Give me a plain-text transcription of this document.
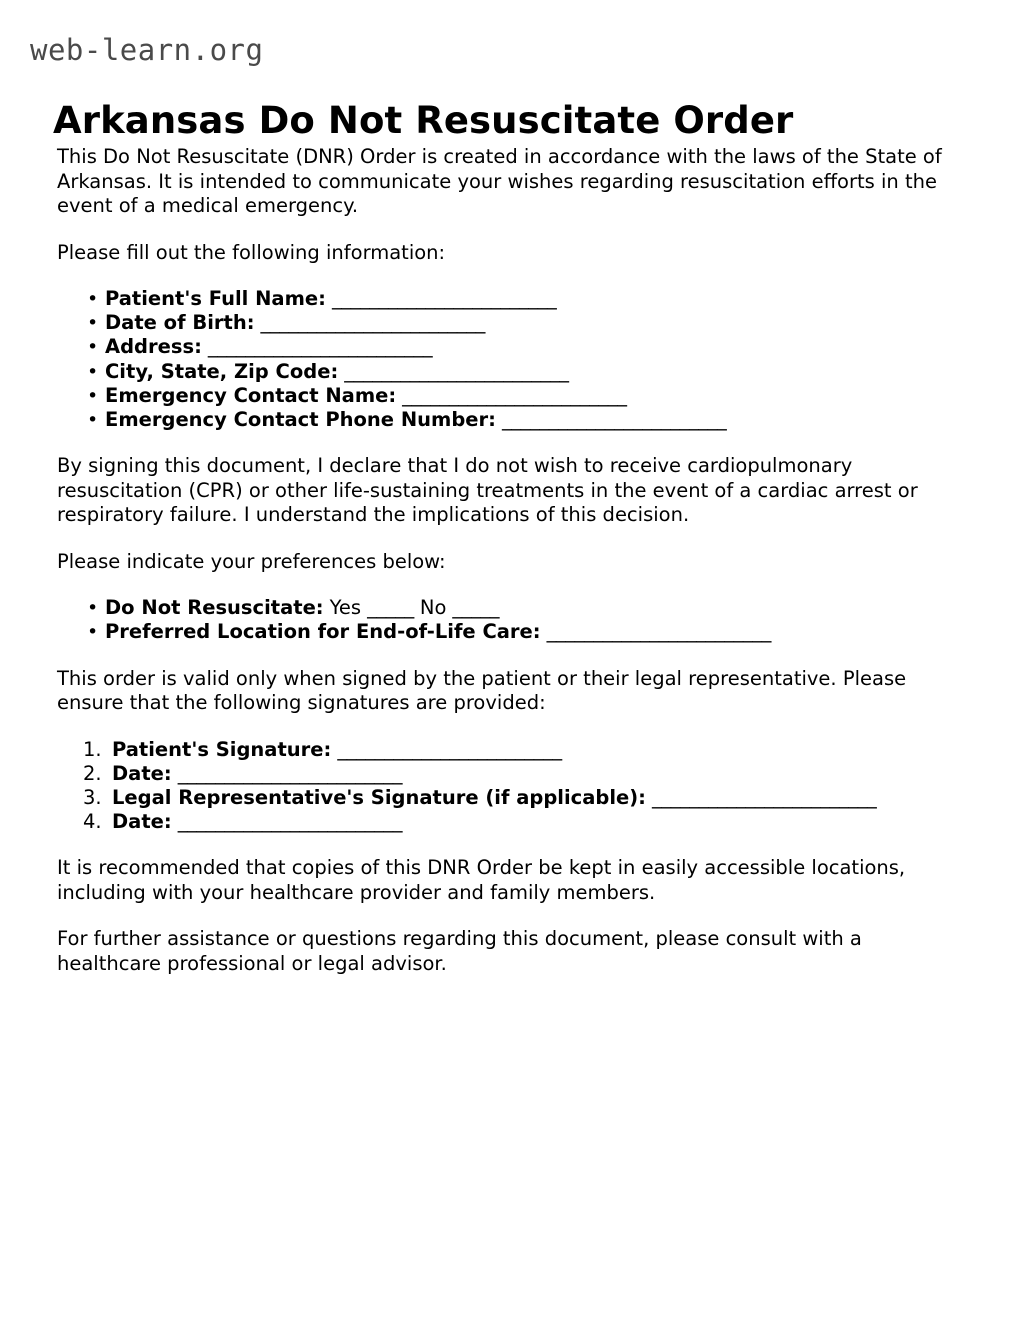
web-learn.org
Arkansas Do Not Resuscitate Order

This Do Not Resuscitate (DNR) Order is created in accordance with the laws of the State of Arkansas. It is intended to communicate your wishes regarding resuscitation efforts in the event of a medical emergency.

Please fill out the following information:

• Patient's Full Name: ________________________
• Date of Birth: ________________________
• Address: ________________________
• City, State, Zip Code: ________________________
• Emergency Contact Name: ________________________
• Emergency Contact Phone Number: ________________________

By signing this document, I declare that I do not wish to receive cardiopulmonary resuscitation (CPR) or other life-sustaining treatments in the event of a cardiac arrest or respiratory failure. I understand the implications of this decision.

Please indicate your preferences below:

• Do Not Resuscitate: Yes _____ No _____
• Preferred Location for End-of-Life Care: ________________________

This order is valid only when signed by the patient or their legal representative. Please ensure that the following signatures are provided:

Patient's Signature: ________________________
Date: ________________________
Legal Representative's Signature (if applicable): ________________________
Date: ________________________

It is recommended that copies of this DNR Order be kept in easily accessible locations, including with your healthcare provider and family members.

For further assistance or questions regarding this document, please consult with a healthcare professional or legal advisor.
